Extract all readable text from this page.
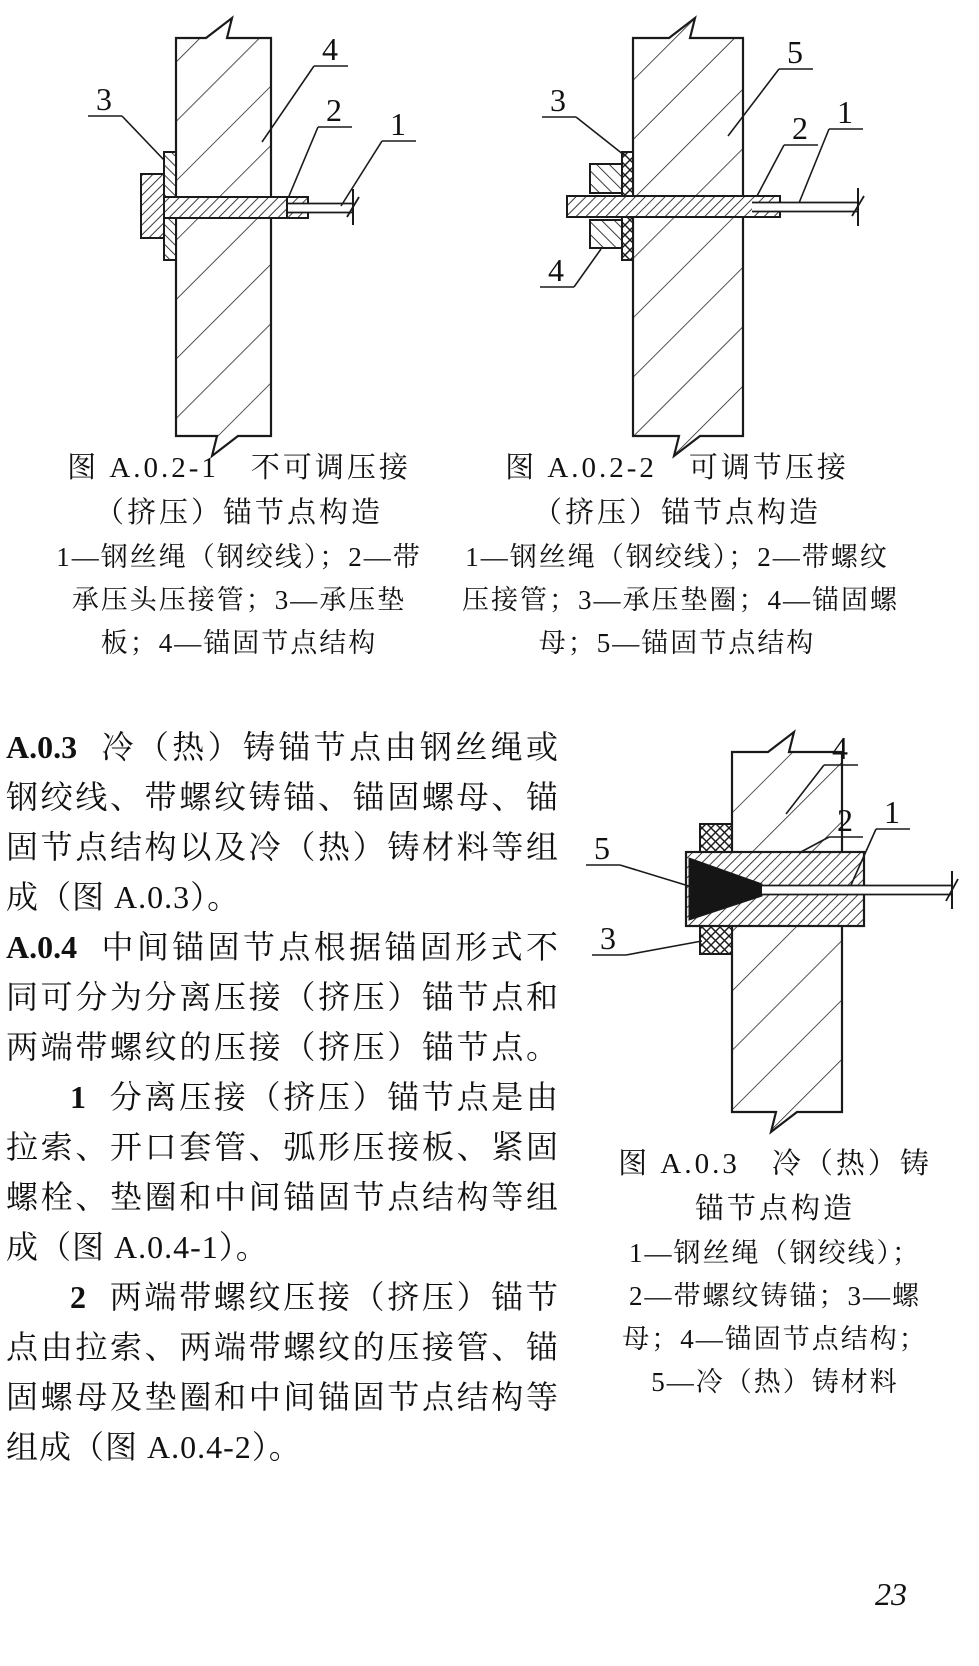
3
4
2 1
3
5
2 1
4
4
2 1
5
3
图 A.0.2-1　不可调压接
（挤压）锚节点构造
1—钢丝绳（钢绞线）；2—带
承压头压接管；3—承压垫
板；4—锚固节点结构
图 A.0.2-2　可调节压接
（挤压）锚节点构造
1—钢丝绳（钢绞线）；2—带螺纹
压接管；3—承压垫圈；4—锚固螺
母；5—锚固节点结构
图 A.0.3　冷（热）铸
锚节点构造
1—钢丝绳（钢绞线）；
2—带螺纹铸锚；3—螺
母；4—锚固节点结构；
5—冷（热）铸材料
A.0.3 冷（热）铸锚节点由钢丝绳或
钢绞线、带螺纹铸锚、锚固螺母、锚
固节点结构以及冷（热）铸材料等组
成（图 A.0.3）。
A.0.4 中间锚固节点根据锚固形式不
同可分为分离压接（挤压）锚节点和
两端带螺纹的压接（挤压）锚节点。
1 分离压接（挤压）锚节点是由
拉索、开口套管、弧形压接板、紧固
螺栓、垫圈和中间锚固节点结构等组
成（图 A.0.4-1）。
2 两端带螺纹压接（挤压）锚节
点由拉索、两端带螺纹的压接管、锚
固螺母及垫圈和中间锚固节点结构等
组成（图 A.0.4-2）。
23
